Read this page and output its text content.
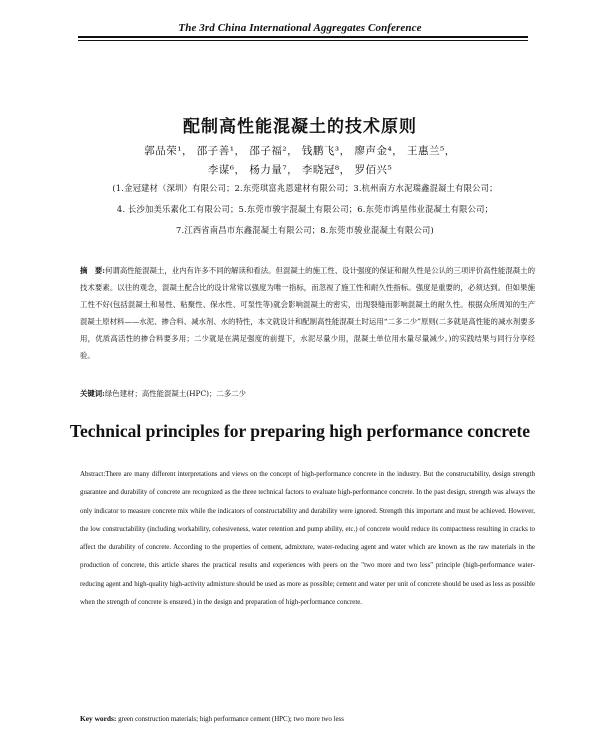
The 3rd China International Aggregates Conference
配制高性能混凝土的技术原则
郭品荣¹， 邵子善¹， 邵子福²， 钱鹏飞³， 廖声金⁴， 王惠兰⁵，
李谋⁶， 杨力量⁷， 李晓冠⁸， 罗佰兴⁵
(1.金冠建材（深圳）有限公司；2.东莞琪富兆恩建材有限公司；3.杭州南方水泥瑞鑫混凝土有限公司；
4. 长沙加美乐素化工有限公司；5.东莞市骏宇混凝土有限公司；6.东莞市鸿星伟业混凝土有限公司；
7.江西省南昌市东鑫混凝土有限公司；8.东莞市骏业混凝土有限公司)
摘　要:何谓高性能混凝土，业内有许多不同的解读和看法。但混凝土的施工性、设计强度的保证和耐久性是公认的三项评价高性能混凝土的技术要素。以往的观念，混凝土配合比的设计常常以强度为唯一指标，而忽视了施工性和耐久性指标。强度是重要的，必须达到。但如果施工性不好(包括混凝土和易性、粘聚性、保水性、可泵性等)就会影响混凝土的密实，出现裂缝而影响混凝土的耐久性。根据众所周知的生产混凝土原材料——水泥、掺合料、减水剂、水的特性，本文就设计和配制高性能混凝土时运用“二多二少”原则(二多就是高性能的减水剂要多用，优质高活性的掺合料要多用；二少就是在满足强度的前提下，水泥尽量少用，混凝土单位用水量尽量减少。)的实践结果与同行分享经验。
关键词:绿色建材；高性能混凝土(HPC)；二多二少
Technical principles for preparing high performance concrete
Abstract:There are many different interpretations and views on the concept of high-performance concrete in the industry. But the constructability, design strength guarantee and durability of concrete are recognized as the three technical factors to evaluate high-performance concrete. In the past design, strength was always the only indicator to measure concrete mix while the indicators of constructability and durability were ignored. Strength this important and must be achieved. However, the low constructability (including workability, cohesiveness, water retention and pump ability, etc.) of concrete would reduce its compactness resulting in cracks to affect the durability of concrete. According to the properties of cement, admixture, water-reducing agent and water which are known as the raw materials in the production of concrete, this article shares the practical results and experiences with peers on the "two more and two less" principle (high-performance water-reducing agent and high-quality high-activity admixture should be used as more as possible; cement and water per unit of concrete should be used as less as possible when the strength of concrete is ensured.) in the design and preparation of high-performance concrete.
Key words: green construction materials; high performance cement (HPC); two more two less
